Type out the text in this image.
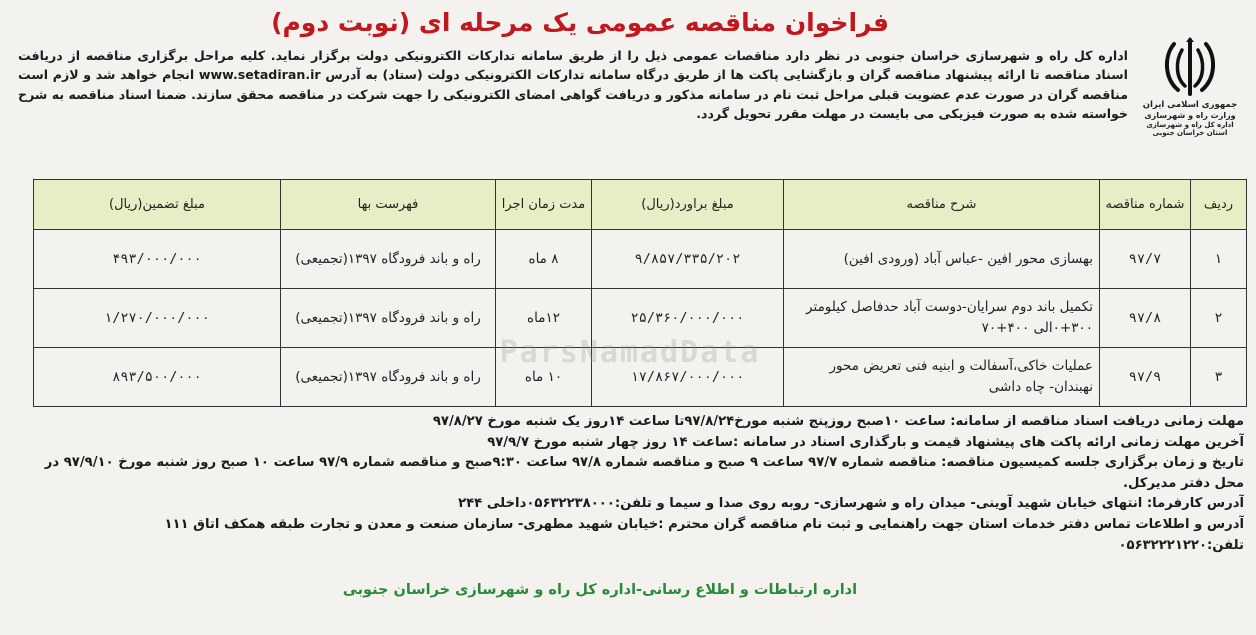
فراخوان مناقصه عمومی یک مرحله ای (نوبت دوم)
جمهوری اسلامی ایران
وزارت راه و شهرسازی
اداره کل راه و شهرسازی استان خراسان جنوبی
اداره کل راه و شهرسازی خراسان جنوبی در نظر دارد مناقصات عمومی ذیل را از طریق سامانه تدارکات الکترونیکی دولت برگزار نماید. کلیه مراحل برگزاری مناقصه از دریافت اسناد مناقصه تا ارائه پیشنهاد مناقصه گران و بازگشایی پاکت ها از طریق درگاه سامانه تدارکات الکترونیکی دولت (ستاد) به آدرس www.setadiran.ir انجام خواهد شد و لازم است مناقصه گران در صورت عدم عضویت قبلی مراحل ثبت نام در سامانه مذکور و دریافت گواهی امضای الکترونیکی را جهت شرکت در مناقصه محقق سازند. ضمنا اسناد مناقصه به شرح خواسته شده به صورت فیزیکی می بایست در مهلت مقرر تحویل گردد.
ردیف	شماره مناقصه	شرح مناقصه	مبلغ براورد(ریال)	مدت زمان اجرا	فهرست بها	مبلغ تضمین(ریال)
۱	۹۷/۷	بهسازی محور افین -عباس آباد (ورودی افین)	۹/۸۵۷/۳۳۵/۲۰۲	۸ ماه	راه و باند فرودگاه ۱۳۹۷(تجمیعی)	۴۹۳/۰۰۰/۰۰۰
۲	۹۷/۸	تکمیل باند دوم سرایان-دوست آباد حدفاصل کیلومتر ۳۰۰+۰الی ۴۰۰+۷۰	۲۵/۳۶۰/۰۰۰/۰۰۰	۱۲ماه	راه و باند فرودگاه ۱۳۹۷(تجمیعی)	۱/۲۷۰/۰۰۰/۰۰۰
۳	۹۷/۹	عملیات خاکی،آسفالت و ابنیه فنی تعریض محور نهبندان- چاه داشی	۱۷/۸۶۷/۰۰۰/۰۰۰	۱۰ ماه	راه و باند فرودگاه ۱۳۹۷(تجمیعی)	۸۹۳/۵۰۰/۰۰۰
ParsNamadData
مهلت زمانی دریافت اسناد مناقصه از سامانه: ساعت ۱۰صبح روزپنج شنبه مورخ۹۷/۸/۲۴تا ساعت ۱۴روز یک شنبه مورخ ۹۷/۸/۲۷
آخرین مهلت زمانی ارائه پاکت های پیشنهاد قیمت و بارگذاری اسناد در سامانه :ساعت ۱۴ روز چهار شنبه مورخ ۹۷/۹/۷
تاریخ و زمان برگزاری جلسه کمیسیون مناقصه: مناقصه شماره ۹۷/۷ ساعت ۹ صبح و مناقصه شماره ۹۷/۸ ساعت ۹:۳۰صبح و مناقصه شماره ۹۷/۹ ساعت ۱۰ صبح روز شنبه مورخ ۹۷/۹/۱۰ در محل دفتر مدیرکل.
آدرس کارفرما: انتهای خیابان شهید آوینی- میدان راه و شهرسازی- روبه روی صدا و سیما و تلفن:۰۵۶۳۲۲۳۸۰۰۰داخلی ۲۴۴
آدرس و اطلاعات تماس دفتر خدمات استان جهت راهنمایی و ثبت نام مناقصه گران محترم :خیابان شهید مطهری- سازمان صنعت و معدن و تجارت طبقه همکف اتاق ۱۱۱
تلفن:۰۵۶۳۲۲۲۱۲۲۰
اداره ارتباطات و اطلاع رسانی-اداره کل راه و شهرسازی خراسان جنوبی
